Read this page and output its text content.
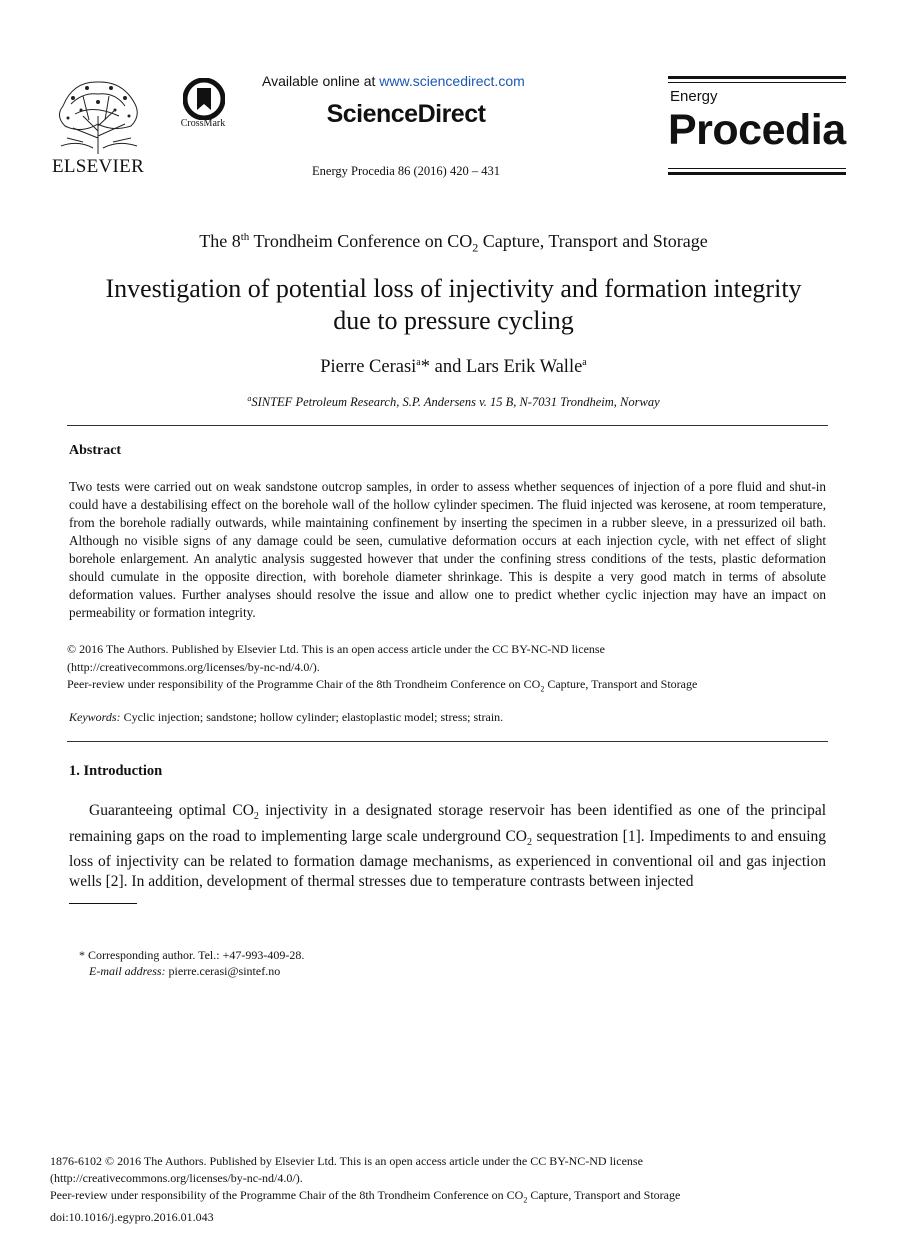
ELSEVIER
CrossMark
Available online at www.sciencedirect.com
ScienceDirect
Energy Procedia 86 (2016) 420 – 431
Energy
Procedia
The 8th Trondheim Conference on $CO_2$ Capture, Transport and Storage
Investigation of potential loss of injectivity and formation integrity
due to pressure cycling
Pierre Cerasi$^a$* and Lars Erik Walle$^a$
$^a$SINTEF Petroleum Research, S.P. Andersens v. 15 B, N-7031 Trondheim, Norway
Abstract
Two tests were carried out on weak sandstone outcrop samples, in order to assess whether sequences of injection of a pore fluid and shut-in could have a destabilising effect on the borehole wall of the hollow cylinder specimen. The fluid injected was kerosene, at room temperature, from the borehole radially outwards, while maintaining confinement by inserting the specimen in a rubber sleeve, in a pressurized oil bath. Although no visible signs of any damage could be seen, cumulative deformation occurs at each injection cycle, with net effect of slight borehole enlargement. An analytic analysis suggested however that under the confining stress conditions of the tests, plastic deformation should cumulate in the opposite direction, with borehole diameter shrinkage. This is despite a very good match in terms of absolute deformation values. Further analyses should resolve the issue and allow one to predict whether cyclic injection may have an impact on permeability or formation integrity.
© 2016 The Authors. Published by Elsevier Ltd. This is an open access article under the CC BY-NC-ND license
(http://creativecommons.org/licenses/by-nc-nd/4.0/).
Peer-review under responsibility of the Programme Chair of the 8th Trondheim Conference on $CO_2$ Capture, Transport and Storage
Keywords: Cyclic injection; sandstone; hollow cylinder; elastoplastic model; stress; strain.
1. Introduction

Guaranteeing optimal $CO_2$ injectivity in a designated storage reservoir has been identified as one of the principal remaining gaps on the road to implementing large scale underground $CO_2$ sequestration [1]. Impediments to and ensuing loss of injectivity can be related to formation damage mechanisms, as experienced in conventional oil and gas injection wells [2]. In addition, development of thermal stresses due to temperature contrasts between injected

* Corresponding author. Tel.: +47-993-409-28.
E-mail address: pierre.cerasi@sintef.no
1876-6102 © 2016 The Authors. Published by Elsevier Ltd. This is an open access article under the CC BY-NC-ND license
(http://creativecommons.org/licenses/by-nc-nd/4.0/).
Peer-review under responsibility of the Programme Chair of the 8th Trondheim Conference on $CO_2$ Capture, Transport and Storage
doi:10.1016/j.egypro.2016.01.043
